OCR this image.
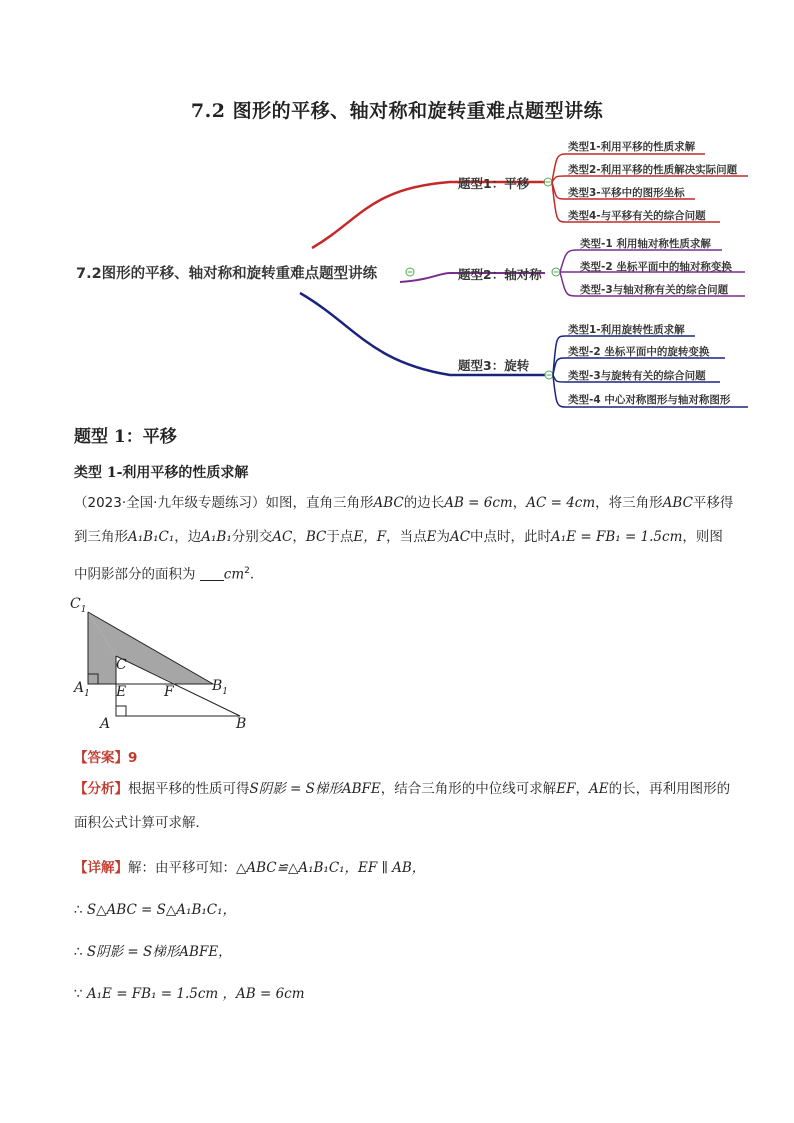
7.2 图形的平移、轴对称和旋转重难点题型讲练
7.2图形的平移、轴对称和旋转重难点题型讲练
题型1：平移
题型2：轴对称
题型3：旋转
类型1-利用平移的性质求解
类型2-利用平移的性质解决实际问题
类型3-平移中的图形坐标
类型4-与平移有关的综合问题
类型-1 利用轴对称性质求解
类型-2 坐标平面中的轴对称变换
类型-3与轴对称有关的综合问题
类型1-利用旋转性质求解
类型-2 坐标平面中的旋转变换
类型-3与旋转有关的综合问题
类型-4 中心对称图形与轴对称图形
题型 1：平移
类型 1-利用平移的性质求解
（2023·全国·九年级专题练习）如图，直角三角形ABC的边长AB = 6cm，AC = 4cm，将三角形ABC平移得到三角形A₁B₁C₁，边A₁B₁分别交AC，BC于点E，F，当点E为AC中点时，此时A₁E = FB₁ = 1.5cm，则图中阴影部分的面积为 $cm^2$．
$C_1$
C
$A_1$ E	F	$B_1$
A	B
【答案】9
【分析】根据平移的性质可得S阴影 = S梯形ABFE，结合三角形的中位线可求解EF，AE的长，再利用图形的面积公式计算可求解．
【详解】解：由平移可知：△ABC≌△A₁B₁C₁，EF ∥ AB，
∴ S△ABC = S△A₁B₁C₁，
∴ S阴影 = S梯形ABFE，
∵ A₁E = FB₁ = 1.5cm ，AB = 6cm
